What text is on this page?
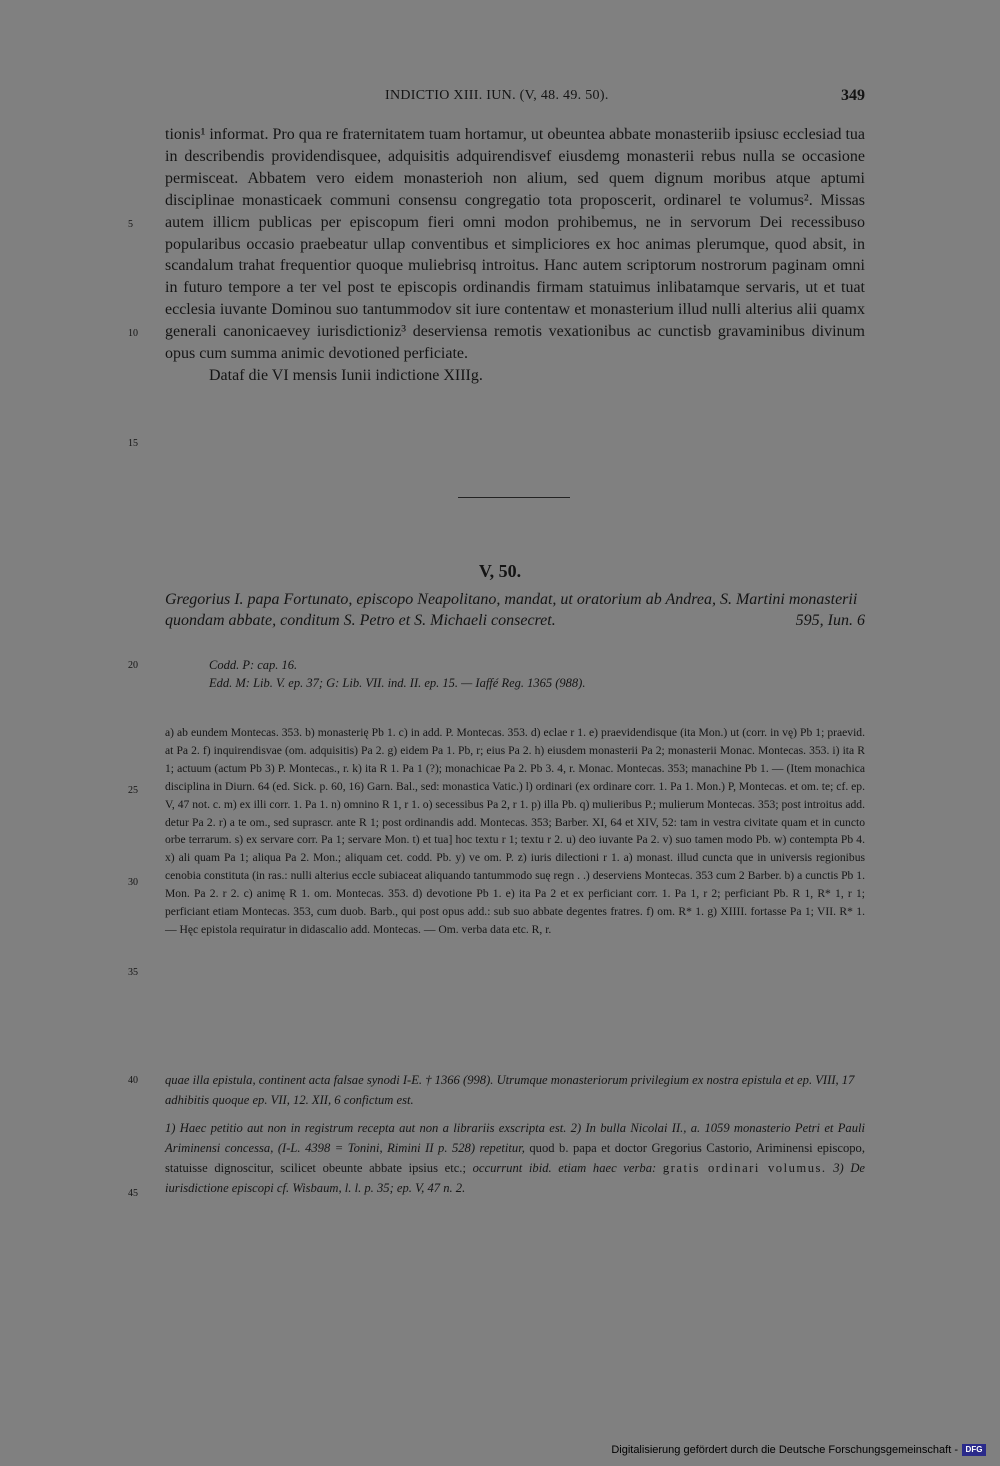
INDICTIO XIII. IUN. (V, 48. 49. 50).	349
5
10
15
20
25
30
35
40
45

tionis¹ informat. Pro qua re fraternitatem tuam hortamur, ut obeuntea abbate monasteriib ipsiusc ecclesiad tua in describendis providendisquee, adquisitis adquirendisvef eiusdemg monasterii rebus nulla se occasione permisceat. Abbatem vero eidem monasterioh non alium, sed quem dignum moribus atque aptumi disciplinae monasticaek communi consensu congregatio tota proposcerit, ordinarel te volumus². Missas autem illicm publicas per episcopum fieri omni modon prohibemus, ne in servorum Dei recessibuso popularibus occasio praebeatur ullap conventibus et simpliciores ex hoc animas plerumque, quod absit, in scandalum trahat frequentior quoque muliebrisq introitus. Hanc autem scriptorum nostrorum paginam omni in futuro tempore a ter vel post te episcopis ordinandis firmam statuimus inlibatamque servaris, ut et tuat ecclesia iuvante Dominou suo tantummodov sit iure contentaw et monasterium illud nulli alterius alii quamx generali canonicaevey iurisdictioniz³ deserviensa remotis vexationibus ac cunctisb gravaminibus divinum opus cum summa animic devotioned perficiate.

Dataf die VI mensis Iunii indictione XIIIg.

V, 50.
Gregorius I. papa Fortunato, episcopo Neapolitano, mandat, ut oratorium ab Andrea, S. Martini monasterii quondam abbate, conditum S. Petro et S. Michaeli consecret.	595, Iun. 6
Codd. P: cap. 16.
Edd. M: Lib. V. ep. 37; G: Lib. VII. ind. II. ep. 15. — Iaffé Reg. 1365 (988).
a) ab eundem Montecas. 353. b) monasterię Pb 1. c) in add. P. Montecas. 353. d) eclae r 1. e) praevidendisque (ita Mon.) ut (corr. in vę) Pb 1; praevid. at Pa 2. f) inquirendisvae (om. adquisitis) Pa 2. g) eidem Pa 1. Pb, r; eius Pa 2. h) eiusdem monasterii Pa 2; monasterii Monac. Montecas. 353. i) ita R 1; actuum (actum Pb 3) P. Montecas., r. k) ita R 1. Pa 1 (?); monachicae Pa 2. Pb 3. 4, r. Monac. Montecas. 353; manachine Pb 1. — (Item monachica disciplina in Diurn. 64 (ed. Sick. p. 60, 16) Garn. Bal., sed: monastica Vatic.) l) ordinari (ex ordinare corr. 1. Pa 1. Mon.) P, Montecas. et om. te; cf. ep. V, 47 not. c. m) ex illi corr. 1. Pa 1. n) omnino R 1, r 1. o) secessibus Pa 2, r 1. p) illa Pb. q) mulieribus P.; mulierum Montecas. 353; post introitus add. detur Pa 2. r) a te om., sed suprascr. ante R 1; post ordinandis add. Montecas. 353; Barber. XI, 64 et XIV, 52: tam in vestra civitate quam et in cuncto orbe terrarum. s) ex servare corr. Pa 1; servare Mon. t) et tua] hoc textu r 1; textu r 2. u) deo iuvante Pa 2. v) suo tamen modo Pb. w) contempta Pb 4. x) ali quam Pa 1; aliqua Pa 2. Mon.; aliquam cet. codd. Pb. y) ve om. P. z) iuris dilectioni r 1. a) monast. illud cuncta que in universis regionibus cenobia constituta (in ras.: nulli alterius eccle subiaceat aliquando tantummodo suę regn . .) deserviens Montecas. 353 cum 2 Barber. b) a cunctis Pb 1. Mon. Pa 2. r 2. c) animę R 1. om. Montecas. 353. d) devotione Pb 1. e) ita Pa 2 et ex perficiant corr. 1. Pa 1, r 2; perficiant Pb. R 1, R* 1, r 1; perficiant etiam Montecas. 353, cum duob. Barb., qui post opus add.: sub suo abbate degentes fratres. f) om. R* 1. g) XIIII. fortasse Pa 1; VII. R* 1. — Hęc epistola requiratur in didascalio add. Montecas. — Om. verba data etc. R, r.
quae illa epistula, continent acta falsae synodi I-E. † 1366 (998). Utrumque monasteriorum privilegium ex nostra epistula et ep. VIII, 17 adhibitis quoque ep. VII, 12. XII, 6 confictum est.
1) Haec petitio aut non in registrum recepta aut non a librariis exscripta est. 2) In bulla Nicolai II., a. 1059 monasterio Petri et Pauli Ariminensi concessa, (I-L. 4398 = Tonini, Rimini II p. 528) repetitur, quod b. papa et doctor Gregorius Castorio, Ariminensi episcopo, statuisse dignoscitur, scilicet obeunte abbate ipsius etc.; occurrunt ibid. etiam haec verba: gratis ordinari volumus. 3) De iurisdictione episcopi cf. Wisbaum, l. l. p. 35; ep. V, 47 n. 2.
Digitalisierung gefördert durch die Deutsche Forschungsgemeinschaft - DFG
